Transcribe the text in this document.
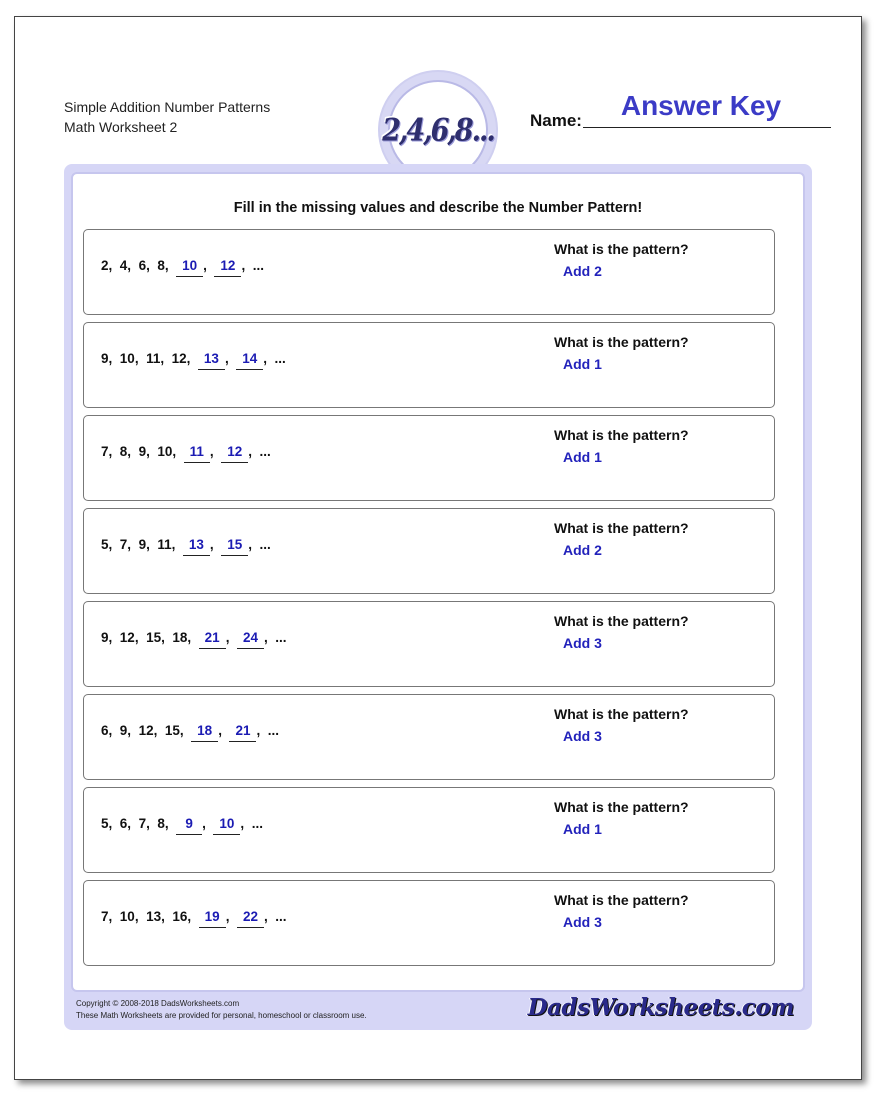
Simple Addition Number Patterns
Math Worksheet 2	2,4,6,8... Name:	Answer Key
Fill in the missing values and describe the Number Pattern!
Copyright © 2008-2018 DadsWorksheets.com
These Math Worksheets are provided for personal, homeschool or classroom use.	DadsWorksheets.com
2,  4,  6,  8,  10 ,  12 ,  ...
What is the pattern?
Add 2
9,  10,  11,  12,  13 ,  14 ,  ...
What is the pattern?
Add 1
7,  8,  9,  10,  11 ,  12 ,  ...
What is the pattern?
Add 1
5,  7,  9,  11,  13 ,  15 ,  ...
What is the pattern?
Add 2
9,  12,  15,  18,  21 ,  24 ,  ...
What is the pattern?
Add 3
6,  9,  12,  15,  18 ,  21 ,  ...
What is the pattern?
Add 3
5,  6,  7,  8,  9 ,  10 ,  ...
What is the pattern?
Add 1
7,  10,  13,  16,  19 ,  22 ,  ...
What is the pattern?
Add 3
